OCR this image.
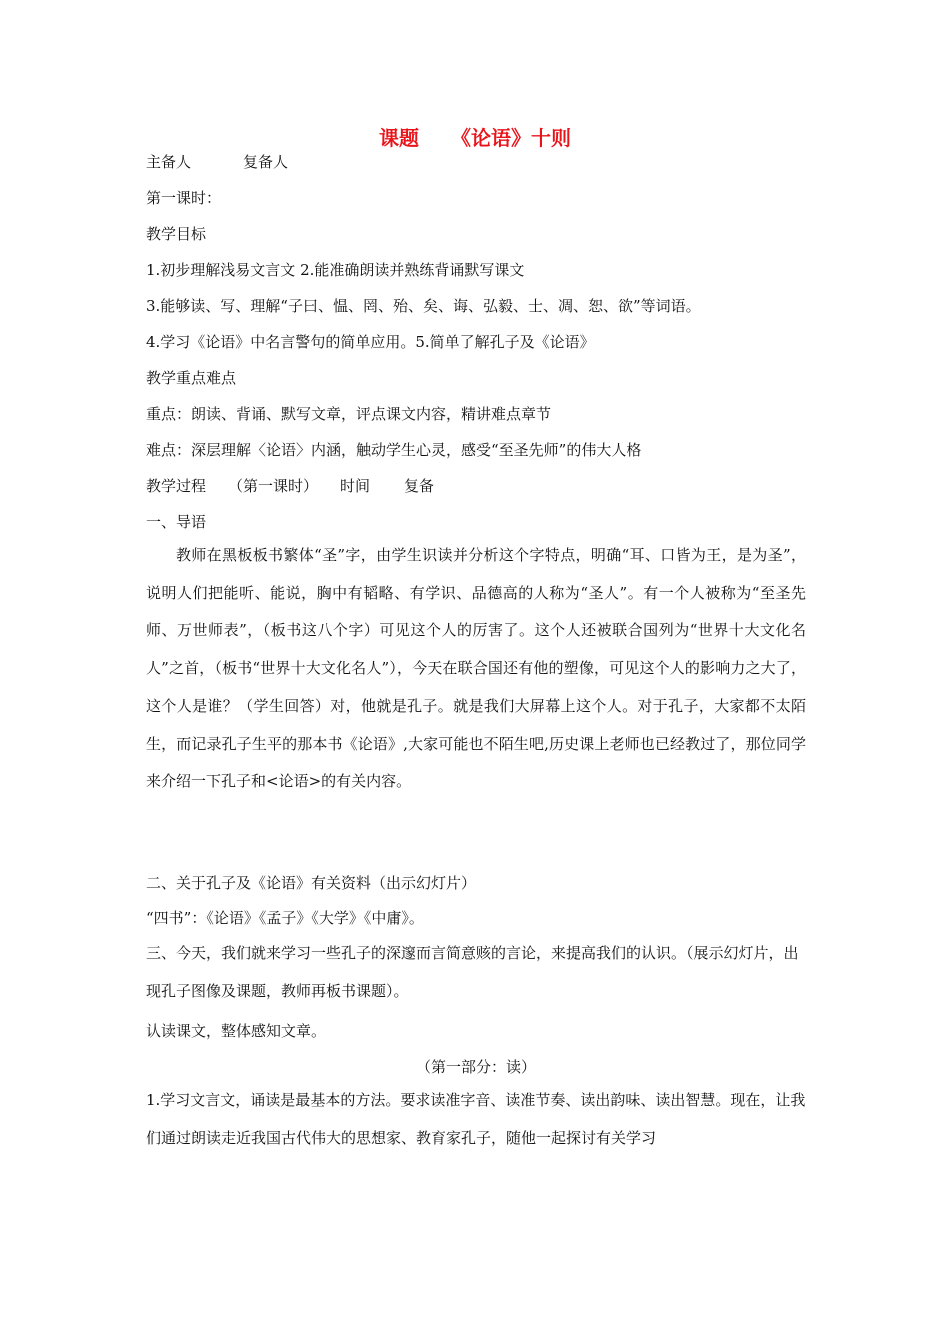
课题 《论语》十则
主备人	复备人
第一课时：
教学目标
1.初步理解浅易文言文 2.能准确朗读并熟练背诵默写课文
3.能够读、写、理解“子曰、愠、罔、殆、矣、诲、弘毅、士、凋、恕、欲”等词语。
4.学习《论语》中名言警句的简单应用。5.简单了解孔子及《论语》
教学重点难点
重点：朗读、背诵、默写文章，评点课文内容，精讲难点章节
难点：深层理解〈论语〉内涵，触动学生心灵，感受“至圣先师”的伟大人格
教学过程 （第一课时） 时间 复备
一、导语
教师在黑板板书繁体“圣”字，由学生识读并分析这个字特点，明确“耳、口皆为王，是为圣”，说明人们把能听、能说，胸中有韬略、有学识、品德高的人称为“圣人”。有一个人被称为“至圣先师、万世师表”，（板书这八个字）可见这个人的厉害了。这个人还被联合国列为“世界十大文化名人”之首，（板书“世界十大文化名人”），今天在联合国还有他的塑像，可见这个人的影响力之大了，这个人是谁？（学生回答）对，他就是孔子。就是我们大屏幕上这个人。对于孔子，大家都不太陌生，而记录孔子生平的那本书《论语》,大家可能也不陌生吧,历史课上老师也已经教过了，那位同学来介绍一下孔子和<论语>的有关内容。
二、关于孔子及《论语》有关资料（出示幻灯片）
“四书”：《论语》《孟子》《大学》《中庸》。
三、今天，我们就来学习一些孔子的深邃而言简意赅的言论，来提高我们的认识。（展示幻灯片，出现孔子图像及课题，教师再板书课题）。
认读课文，整体感知文章。
（第一部分：读）
1.学习文言文，诵读是最基本的方法。要求读准字音、读准节奏、读出韵味、读出智慧。现在，让我们通过朗读走近我国古代伟大的思想家、教育家孔子，随他一起探讨有关学习
